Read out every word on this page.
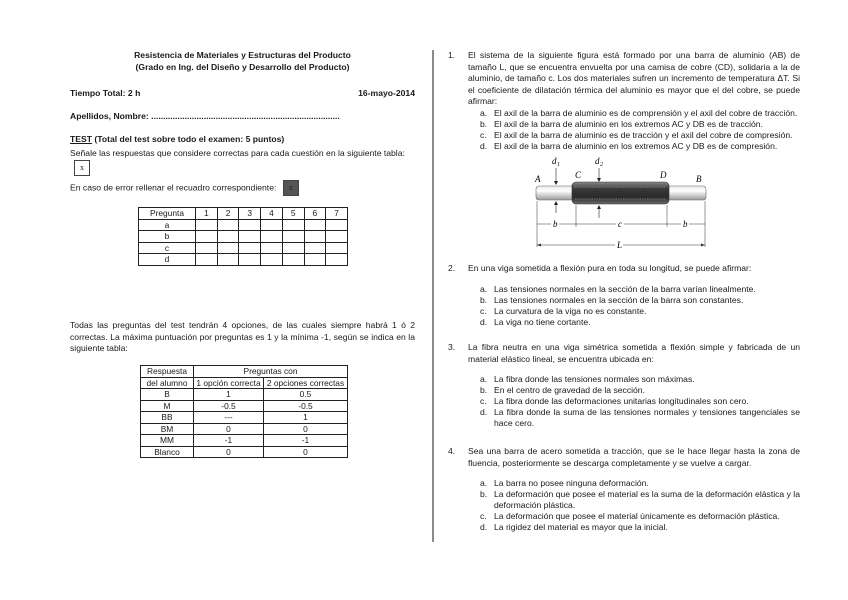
Resistencia de Materiales y Estructuras del Producto
(Grado en Ing. del Diseño y Desarrollo del Producto)
Tiempo Total: 2 h	16-mayo-2014
Apellidos, Nombre: ...............................................................................
TEST (Total del test sobre todo el examen: 5 puntos)
Señale las respuestas que considere correctas para cada cuestión en la siguiente tabla: x
En caso de error rellenar el recuadro correspondiente: x
Pregunta	1	2	3	4	5	6	7
a							
b							
c							
d							
Todas las preguntas del test tendrán 4 opciones, de las cuales siempre habrá 1 ó 2 correctas. La máxima puntuación por preguntas es 1 y la mínima -1, según se indica en la siguiente tabla:
Respuesta	Preguntas con	
del alumno	1 opción correcta	2 opciones correctas
B	1	0.5
M	-0.5	-0.5
BB	---	1
BM	0	0
MM	-1	-1
Blanco	0	0
1.	El sistema de la siguiente figura está formado por una barra de aluminio (AB) de tamaño L, que se encuentra envuelta por una camisa de cobre (CD), solidaria a la de aluminio, de tamaño c. Los dos materiales sufren un incremento de temperatura ΔT. Si el coeficiente de dilatación térmica del aluminio es mayor que el del cobre, se puede afirmar:
a. El axil de la barra de aluminio es de comprensión y el axil del cobre de tracción.
b. El axil de la barra de aluminio en los extremos AC y DB es de tracción.
c. El axil de la barra de aluminio es de tracción y el axil del cobre de compresión.
d. El axil de la barra de aluminio en los extremos AC y DB es de compresión.
2.	En una viga sometida a flexión pura en toda su longitud, se puede afirmar:
a. Las tensiones normales en la sección de la barra varían linealmente.
b. Las tensiones normales en la sección de la barra son constantes.
c. La curvatura de la viga no es constante.
d. La viga no tiene cortante.
3.	La fibra neutra en una viga simétrica sometida a flexión simple y fabricada de un material elástico lineal, se encuentra ubicada en:
a. La fibra donde las tensiones normales son máximas.
b. En el centro de gravedad de la sección.
c. La fibra donde las deformaciones unitarias longitudinales son cero.
d. La fibra donde la suma de las tensiones normales y tensiones tangenciales se hace cero.
4.	Sea una barra de acero sometida a tracción, que se le hace llegar hasta la zona de fluencia, posteriormente se descarga completamente y se vuelve a cargar.
a. La barra no posee ninguna deformación.
b. La deformación que posee el material es la suma de la deformación elástica y la deformación plástica.
c. La deformación que posee el material únicamente es deformación plástica.
d. La rigidez del material es mayor que la inicial.
A	C	D	B
d 1	d 2
b	c	b
L
